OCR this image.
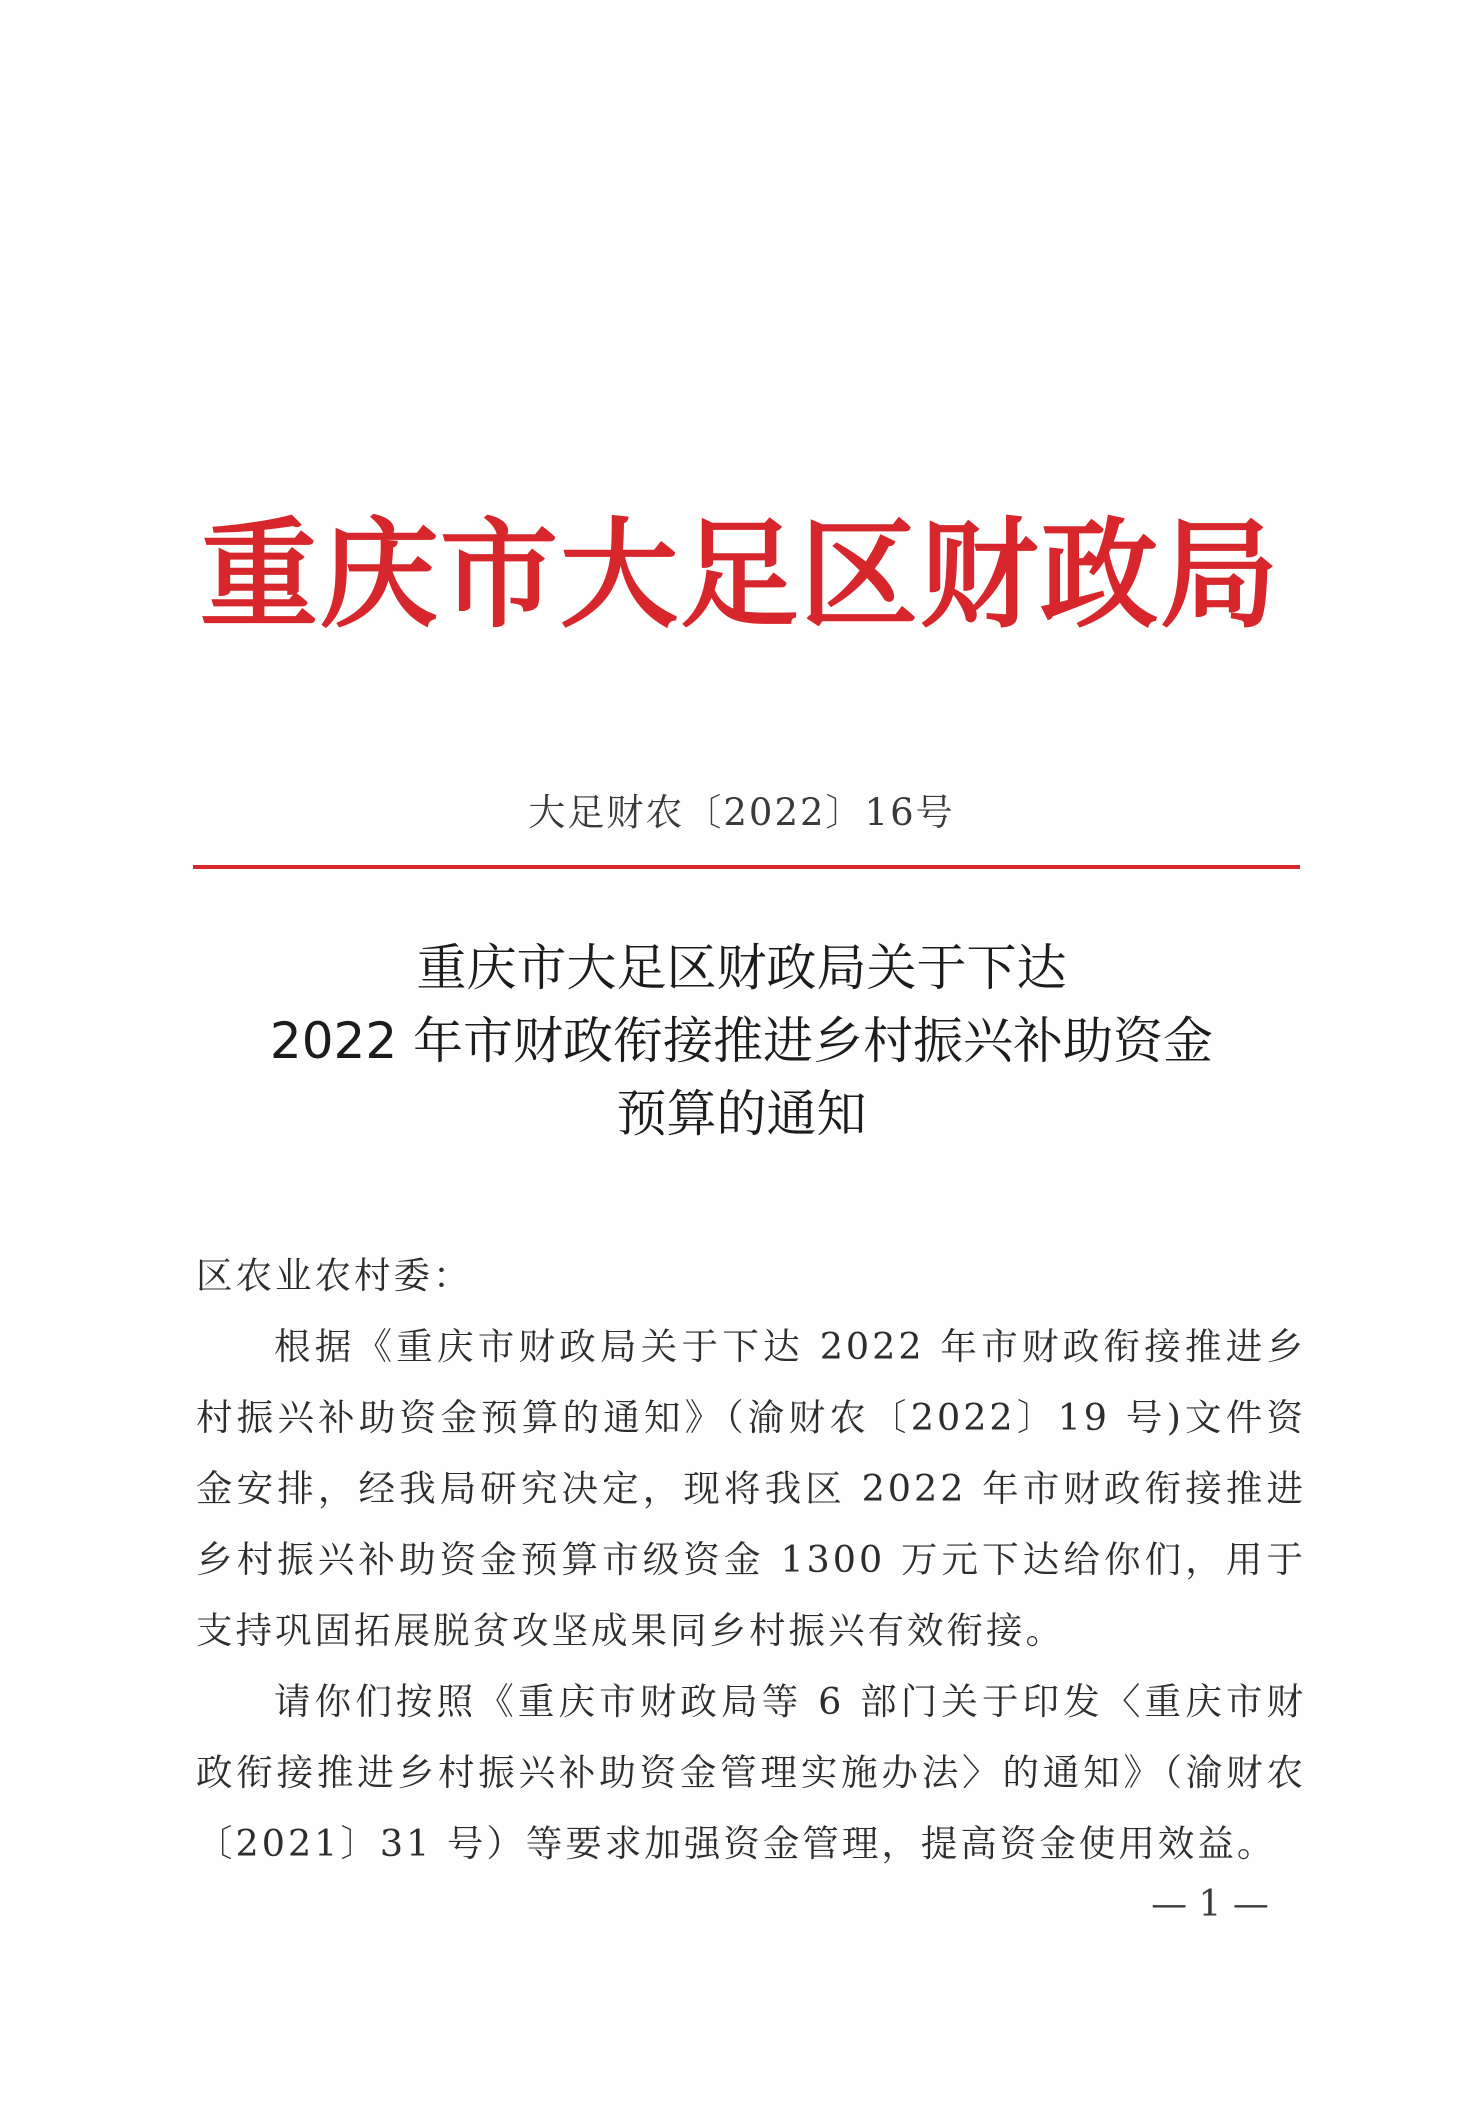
重庆市大足区财政局
大足财农〔2022〕16号
重庆市大足区财政局关于下达
2022 年市财政衔接推进乡村振兴补助资金
预算的通知
区农业农村委：

根据《重庆市财政局关于下达 2022 年市财政衔接推进乡村振兴补助资金预算的通知》（渝财农〔2022〕19 号)文件资金安排，经我局研究决定，现将我区 2022 年市财政衔接推进乡村振兴补助资金预算市级资金 1300 万元下达给你们，用于支持巩固拓展脱贫攻坚成果同乡村振兴有效衔接。

请你们按照《重庆市财政局等 6 部门关于印发〈重庆市财政衔接推进乡村振兴补助资金管理实施办法〉的通知》（渝财农〔2021〕31 号）等要求加强资金管理，提高资金使用效益。

— 1 —
